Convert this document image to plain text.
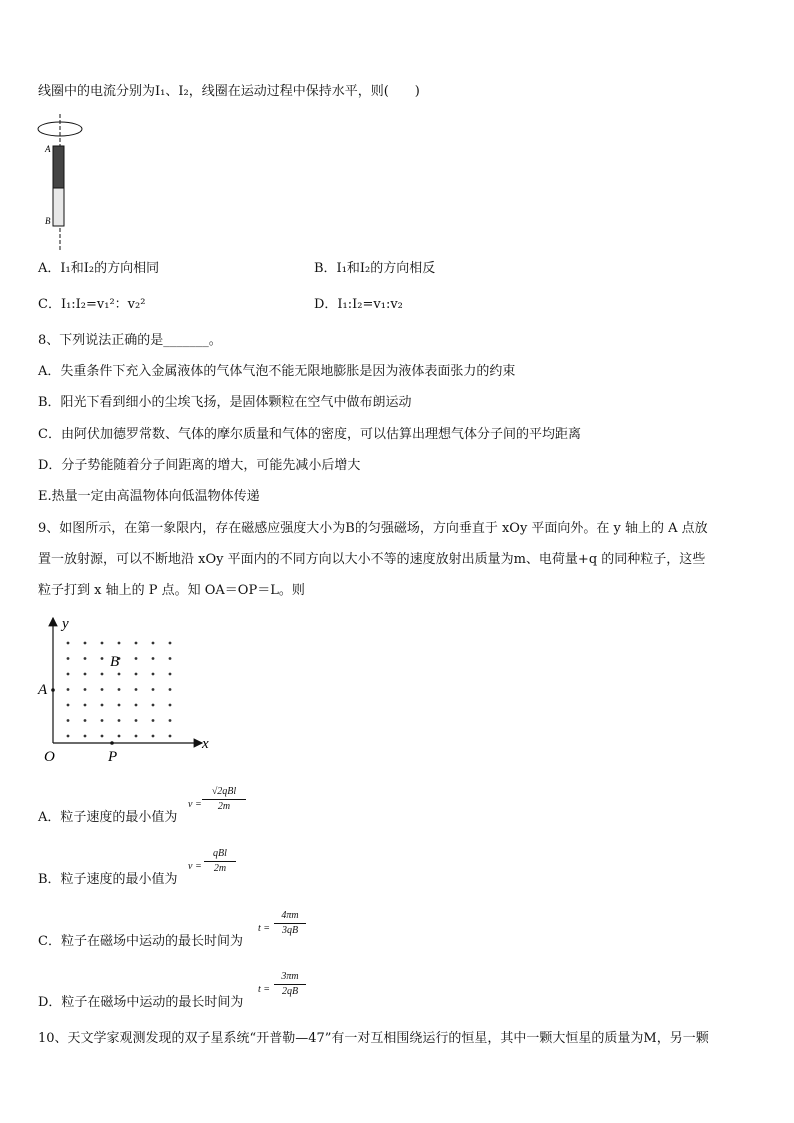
线圈中的电流分别为I₁、I₂，线圈在运动过程中保持水平，则(　　)
A
B
A．I₁和I₂的方向相同	B．I₁和I₂的方向相反
C．I₁:I₂=v₁²：v₂²	D．I₁:I₂=v₁:v₂
8、下列说法正确的是_______。
A．失重条件下充入金属液体的气体气泡不能无限地膨胀是因为液体表面张力的约束
B．阳光下看到细小的尘埃飞扬，是固体颗粒在空气中做布朗运动
C．由阿伏加德罗常数、气体的摩尔质量和气体的密度，可以估算出理想气体分子间的平均距离
D．分子势能随着分子间距离的增大，可能先减小后增大
E.热量一定由高温物体向低温物体传递
9、如图所示，在第一象限内，存在磁感应强度大小为B的匀强磁场，方向垂直于 xOy 平面向外。在 y 轴上的 A 点放
置一放射源，可以不断地沿 xOy 平面内的不同方向以大小不等的速度放射出质量为m、电荷量+q 的同种粒子，这些
粒子打到 x 轴上的 P 点。知 OA＝OP＝L。则
y
x
O
A
B
P
A．粒子速度的最小值为
v =
√2qBl
2m
B．粒子速度的最小值为
v =
qBl
2m
C．粒子在磁场中运动的最长时间为
t =
4πm
3qB
D．粒子在磁场中运动的最长时间为
t =
3πm
2qB
10、天文学家观测发现的双子星系统“开普勒—47”有一对互相围绕运行的恒星，其中一颗大恒星的质量为M，另一颗
